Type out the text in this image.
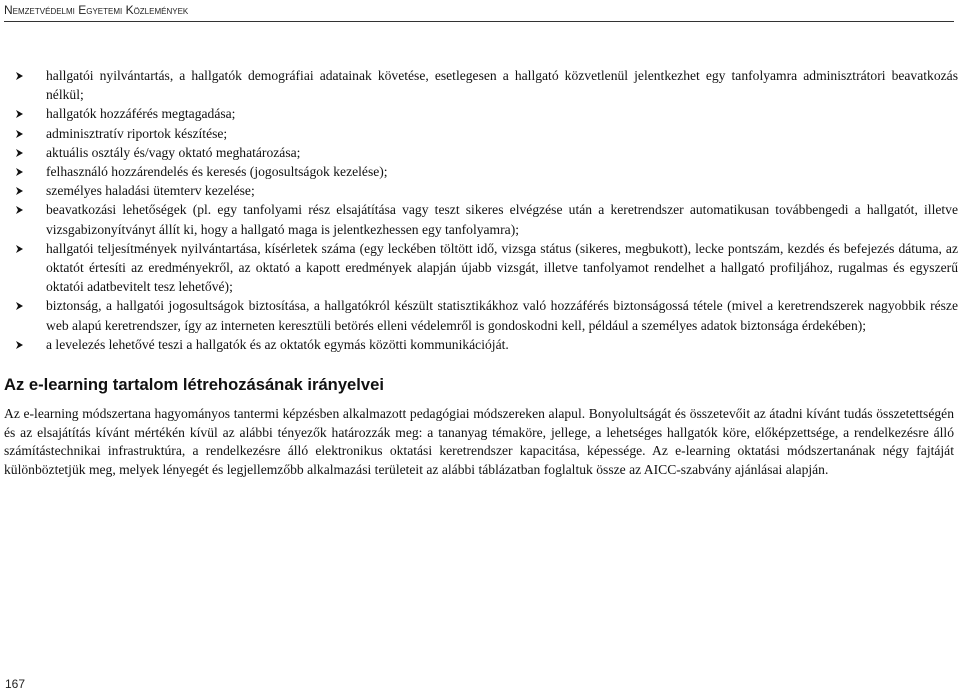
Nemzetvédelmi Egyetemi Közlemények
hallgatói nyilvántartás, a hallgatók demográfiai adatainak követése, esetlegesen a hallgató közvetlenül jelentkezhet egy tanfolyamra adminisztrátori beavatkozás nélkül;
hallgatók hozzáférés megtagadása;
adminisztratív riportok készítése;
aktuális osztály és/vagy oktató meghatározása;
felhasználó hozzárendelés és keresés (jogosultságok kezelése);
személyes haladási ütemterv kezelése;
beavatkozási lehetőségek (pl. egy tanfolyami rész elsajátítása vagy teszt sikeres elvégzése után a keretrendszer automatikusan továbbengedi a hallgatót, illetve vizsgabizonyítványt állít ki, hogy a hallgató maga is jelentkezhessen egy tanfolyamra);
hallgatói teljesítmények nyilvántartása, kísérletek száma (egy leckében töltött idő, vizsga státus (sikeres, megbukott), lecke pontszám, kezdés és befejezés dátuma, az oktatót értesíti az eredményekről, az oktató a kapott eredmények alapján újabb vizsgát, illetve tanfolyamot rendelhet a hallgató profiljához, rugalmas és egyszerű oktatói adatbevitelt tesz lehetővé);
biztonság, a hallgatói jogosultságok biztosítása, a hallgatókról készült statisztikákhoz való hozzáférés biztonságossá tétele (mivel a keretrendszerek nagyobbik része web alapú keretrendszer, így az interneten keresztüli betörés elleni védelemről is gondoskodni kell, például a személyes adatok biztonsága érdekében);
a levelezés lehetővé teszi a hallgatók és az oktatók egymás közötti kommunikációját.
Az e-learning tartalom létrehozásának irányelvei

Az e-learning módszertana hagyományos tantermi képzésben alkalmazott pedagógiai módszereken alapul. Bonyolultságát és összetevőit az átadni kívánt tudás összetettségén és az elsajátítás kívánt mértékén kívül az alábbi tényezők határozzák meg: a tananyag témaköre, jellege, a lehetséges hallgatók köre, előképzettsége, a rendelkezésre álló számítástechnikai infrastruktúra, a rendelkezésre álló elektronikus oktatási keretrendszer kapacitása, képessége. Az e-learning oktatási módszertanának négy fajtáját különböztetjük meg, melyek lényegét és legjellemzőbb alkalmazási területeit az alábbi táblázatban foglaltuk össze az AICC-szabvány ajánlásai alapján.

167
